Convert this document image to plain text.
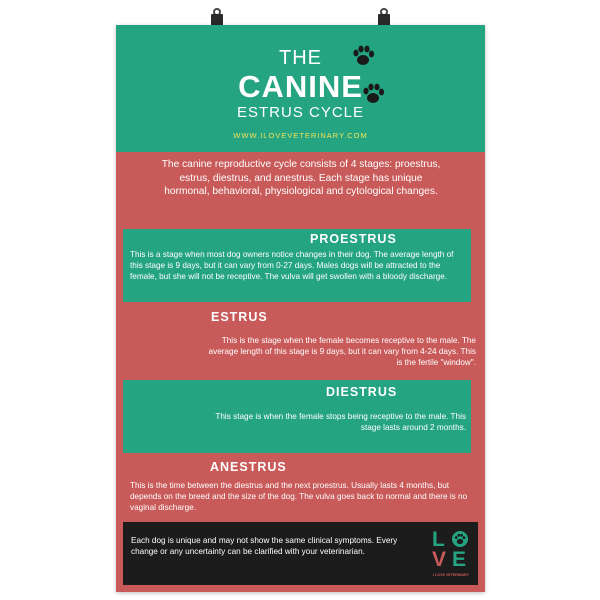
THE
CANINE
ESTRUS CYCLE
WWW.ILOVEVETERINARY.COM
The canine reproductive cycle consists of 4 stages: proestrus, estrus, diestrus, and anestrus. Each stage has unique hormonal, behavioral, physiological and cytological changes.
PROESTRUS
This is a stage when most dog owners notice changes in their dog. The average length of this stage is 9 days, but it can vary from 0-27 days. Males dogs will be attracted to the female, but she will not be receptive. The vulva will get swollen with a bloody discharge.
ESTRUS
This is the stage when the female becomes receptive to the male. The average length of this stage is 9 days, but it can vary from 4-24 days. This is the fertile "window".
DIESTRUS
This stage is when the female stops being receptive to the male. This stage lasts around 2 months.
ANESTRUS
This is the time between the diestrus and the next proestrus. Usually lasts 4 months, but depends on the breed and the size of the dog. The vulva goes back to normal and there is no vaginal discharge.
Each dog is unique and may not show the same clinical symptoms. Every change or any uncertainty can be clarified with your veterinarian.	L
V E
I LOVE VETERINARY
